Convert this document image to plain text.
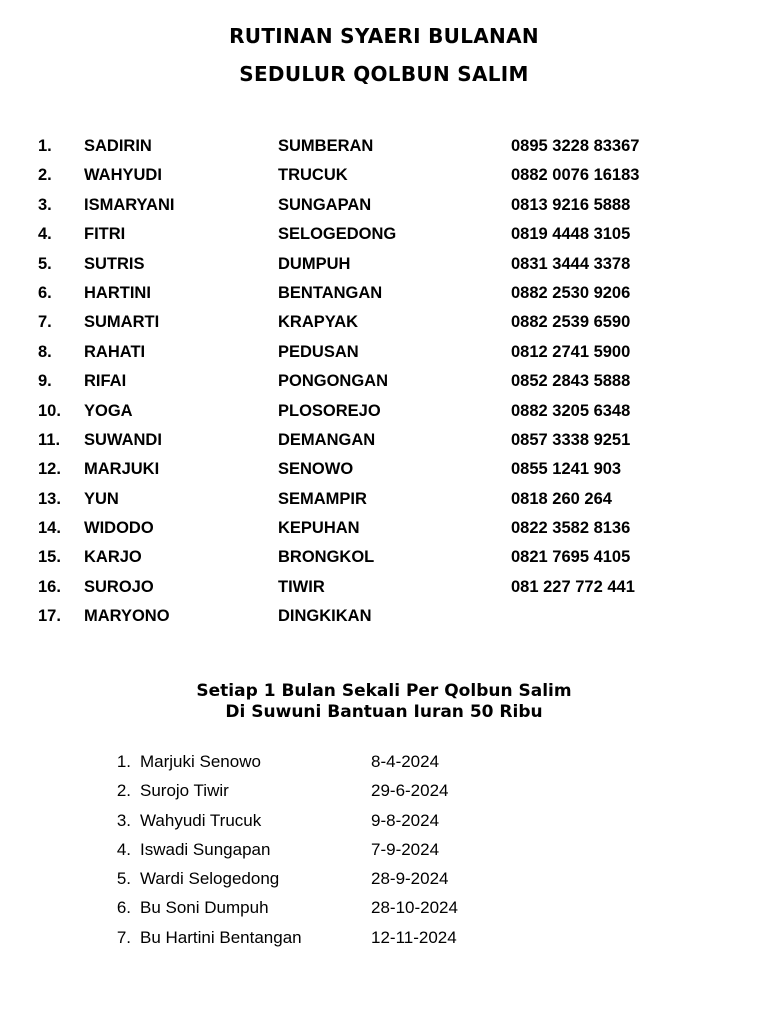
RUTINAN SYAERI BULANAN
SEDULUR QOLBUN SALIM
1. SADIRIN	SUMBERAN	0895 3228 83367
2. WAHYUDI	TRUCUK	0882 0076 16183
3. ISMARYANI	SUNGAPAN	0813 9216 5888
4. FITRI	SELOGEDONG	0819 4448 3105
5. SUTRIS	DUMPUH	0831 3444 3378
6. HARTINI	BENTANGAN	0882 2530 9206
7. SUMARTI	KRAPYAK	0882 2539 6590
8. RAHATI	PEDUSAN	0812 2741 5900
9. RIFAI	PONGONGAN	0852 2843 5888
10. YOGA	PLOSOREJO	0882 3205 6348
11. SUWANDI	DEMANGAN	0857 3338 9251
12. MARJUKI	SENOWO	0855 1241 903
13. YUN	SEMAMPIR	0818 260 264
14. WIDODO	KEPUHAN	0822 3582 8136
15. KARJO	BRONGKOL	0821 7695 4105
16. SUROJO	TIWIR	081 227 772 441
17. MARYONO	DINGKIKAN
Setiap 1 Bulan Sekali Per Qolbun Salim
Di Suwuni Bantuan Iuran 50 Ribu
1. Marjuki Senowo	8-4-2024
2. Surojo Tiwir	29-6-2024
3. Wahyudi Trucuk	9-8-2024
4. Iswadi Sungapan	7-9-2024
5. Wardi Selogedong	28-9-2024
6. Bu Soni Dumpuh	28-10-2024
7. Bu Hartini Bentangan	12-11-2024
